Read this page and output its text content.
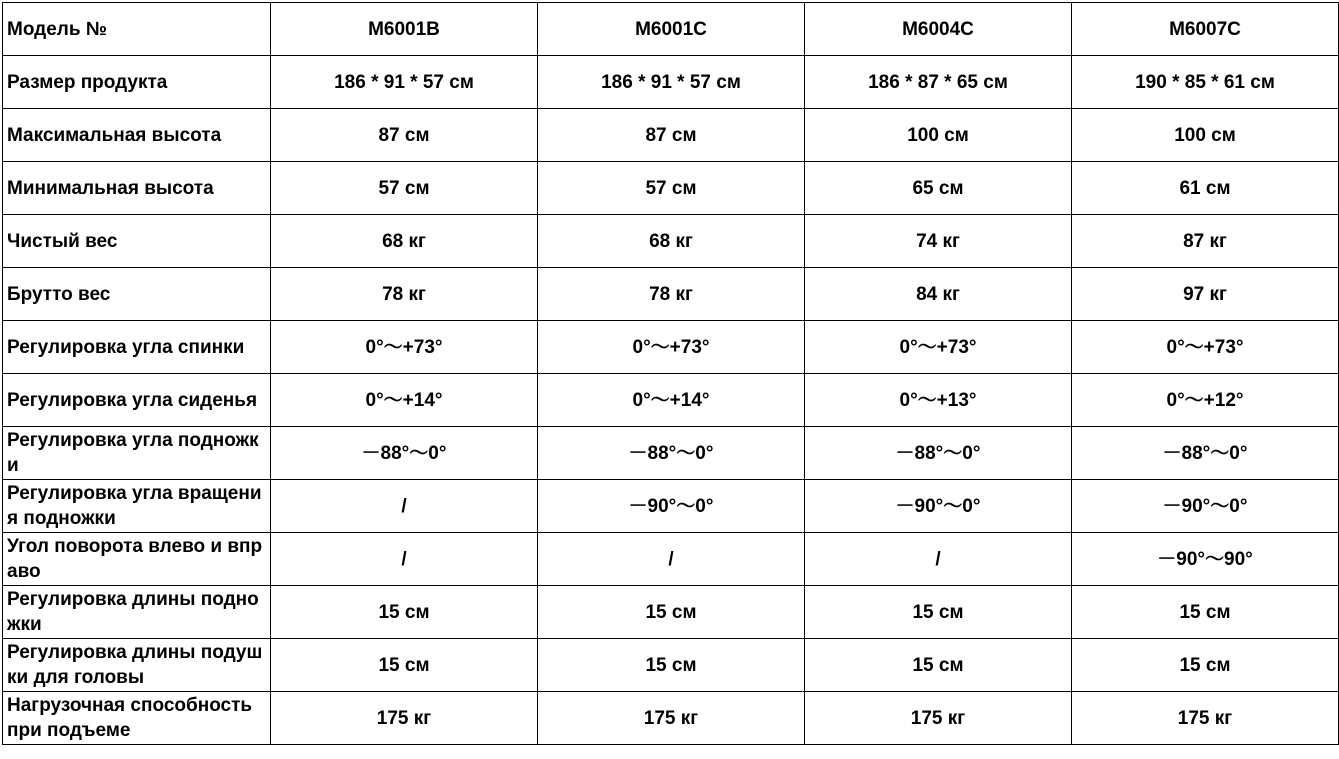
Модель №	M6001B	M6001C	M6004C	M6007C
Размер продукта	186 * 91 * 57 см	186 * 91 * 57 см	186 * 87 * 65 см	190 * 85 * 61 см
Максимальная высота	87 см	87 см	100 см	100 см
Минимальная высота	57 см	57 см	65 см	61 см
Чистый вес	68 кг	68 кг	74 кг	87 кг
Брутто вес	78 кг	78 кг	84 кг	97 кг
Регулировка угла спинки	0°～+73°	0°～+73°	0°～+73°	0°～+73°
Регулировка угла сиденья	0°～+14°	0°～+14°	0°～+13°	0°～+12°
Регулировка угла подножки	－88°～0°	－88°～0°	－88°～0°	－88°～0°
Регулировка угла вращения подножки	/	－90°～0°	－90°～0°	－90°～0°
Угол поворота влево и вправо	/	/	/	－90°～90°
Регулировка длины подножки	15 см	15 см	15 см	15 см
Регулировка длины подушки для головы	15 см	15 см	15 см	15 см
Нагрузочная способность при подъеме	175 кг	175 кг	175 кг	175 кг
